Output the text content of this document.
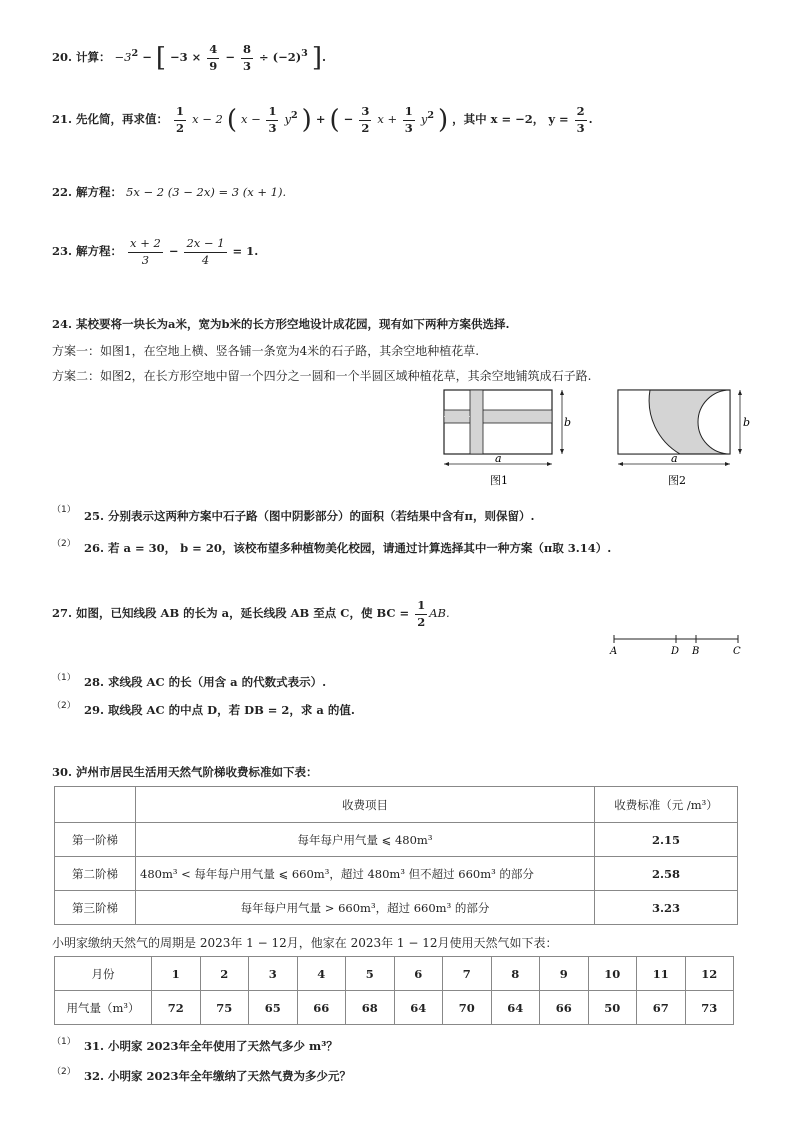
20. 计算： $-3^2$ − [ $-3 \times \frac{4}{9} - \frac{8}{3} \div (-2)^3$ ].
21. 先化简，再求值： $\frac{1}{2}$ x − 2 ( $x - \frac{1}{3} y^2$ ) + ( − $\frac{3}{2}$ $x + \frac{1}{3} y^2$ ) ，其中 x = −2， $y = \frac{2}{3}$ .
22. 解方程： 5x − 2 (3 − 2x) = 3 (x + 1).
23. 解方程： $\frac{x + 2}{3} - \frac{2x - 1}{4} = 1$.
24. 某校要将一块长为a米，宽为b米的长方形空地设计成花园，现有如下两种方案供选择.
方案一：如图1，在空地上横、竖各铺一条宽为4米的石子路，其余空地种植花草.
方案二：如图2，在长方形空地中留一个四分之一圆和一个半圆区域种植花草，其余空地铺筑成石子路.
a
b
图1
a
b
图2
（1） 25. 分别表示这两种方案中石子路（图中阴影部分）的面积（若结果中含有π，则保留）.
（2） 26. 若 a = 30， b = 20，该校布望多种植物美化校园，请通过计算选择其中一种方案（π取 3.14）.
27. 如图，已知线段 AB 的长为 a，延长线段 AB 至点 C，使 BC = $\frac{1}{2}$ AB.
A	D B	C
（1） 28. 求线段 AC 的长（用含 a 的代数式表示）.
（2） 29. 取线段 AC 的中点 D，若 DB = 2，求 a 的值.
30. 泸州市居民生活用天然气阶梯收费标准如下表：
	收费项目	收费标准（元 /m³）
第一阶梯	每年每户用气量 ⩽ 480m³	2.15
第二阶梯	480m³ < 每年每户用气量 ⩽ 660m³，超过 480m³ 但不超过 660m³ 的部分	2.58
第三阶梯	每年每户用气量 > 660m³，超过 660m³ 的部分	3.23
小明家缴纳天然气的周期是 2023年 1 − 12月，他家在 2023年 1 − 12月使用天然气如下表：
月份	1	2	3	4	5	6	7	8	9	10	11	12
用气量（m³）	72	75	65	66	68	64	70	64	66	50	67	73
（1） 31. 小明家 2023年全年使用了天然气多少 m³？
（2） 32. 小明家 2023年全年缴纳了天然气费为多少元？
